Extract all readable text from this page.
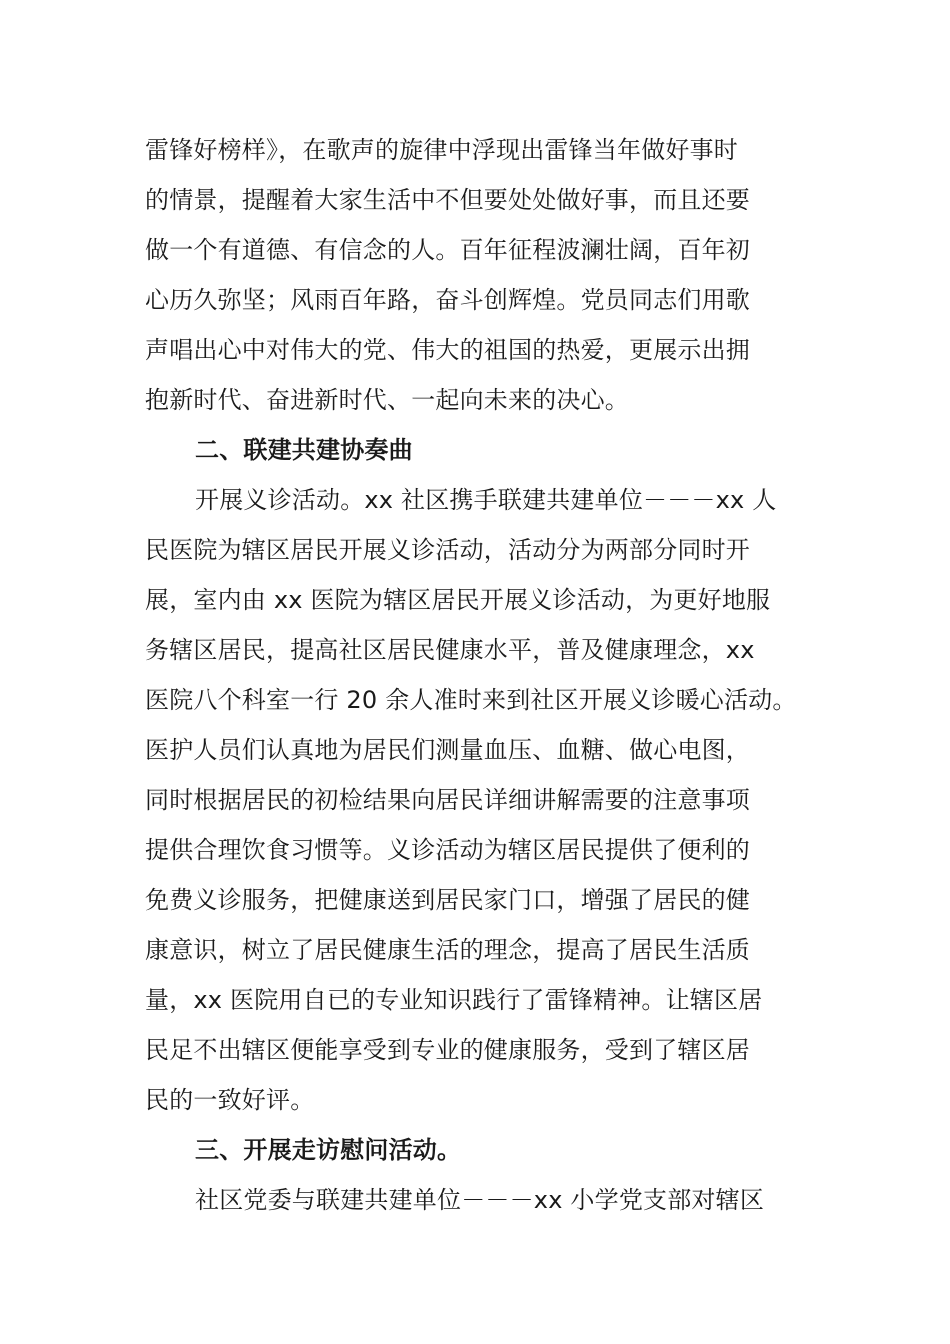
雷锋好榜样》，在歌声的旋律中浮现出雷锋当年做好事时
的情景，提醒着大家生活中不但要处处做好事，而且还要
做一个有道德、有信念的人。百年征程波澜壮阔，百年初
心历久弥坚；风雨百年路，奋斗创辉煌。党员同志们用歌
声唱出心中对伟大的党、伟大的祖国的热爱，更展示出拥
抱新时代、奋进新时代、一起向未来的决心。
二、联建共建协奏曲
开展义诊活动。xx 社区携手联建共建单位－－－xx 人
民医院为辖区居民开展义诊活动，活动分为两部分同时开
展，室内由 xx 医院为辖区居民开展义诊活动，为更好地服
务辖区居民，提高社区居民健康水平，普及健康理念，xx
医院八个科室一行 20 余人准时来到社区开展义诊暖心活动。
医护人员们认真地为居民们测量血压、血糖、做心电图，
同时根据居民的初检结果向居民详细讲解需要的注意事项
提供合理饮食习惯等。义诊活动为辖区居民提供了便利的
免费义诊服务，把健康送到居民家门口，增强了居民的健
康意识，树立了居民健康生活的理念，提高了居民生活质
量，xx 医院用自已的专业知识践行了雷锋精神。让辖区居
民足不出辖区便能享受到专业的健康服务，受到了辖区居
民的一致好评。
三、开展走访慰问活动。
社区党委与联建共建单位－－－xx 小学党支部对辖区
